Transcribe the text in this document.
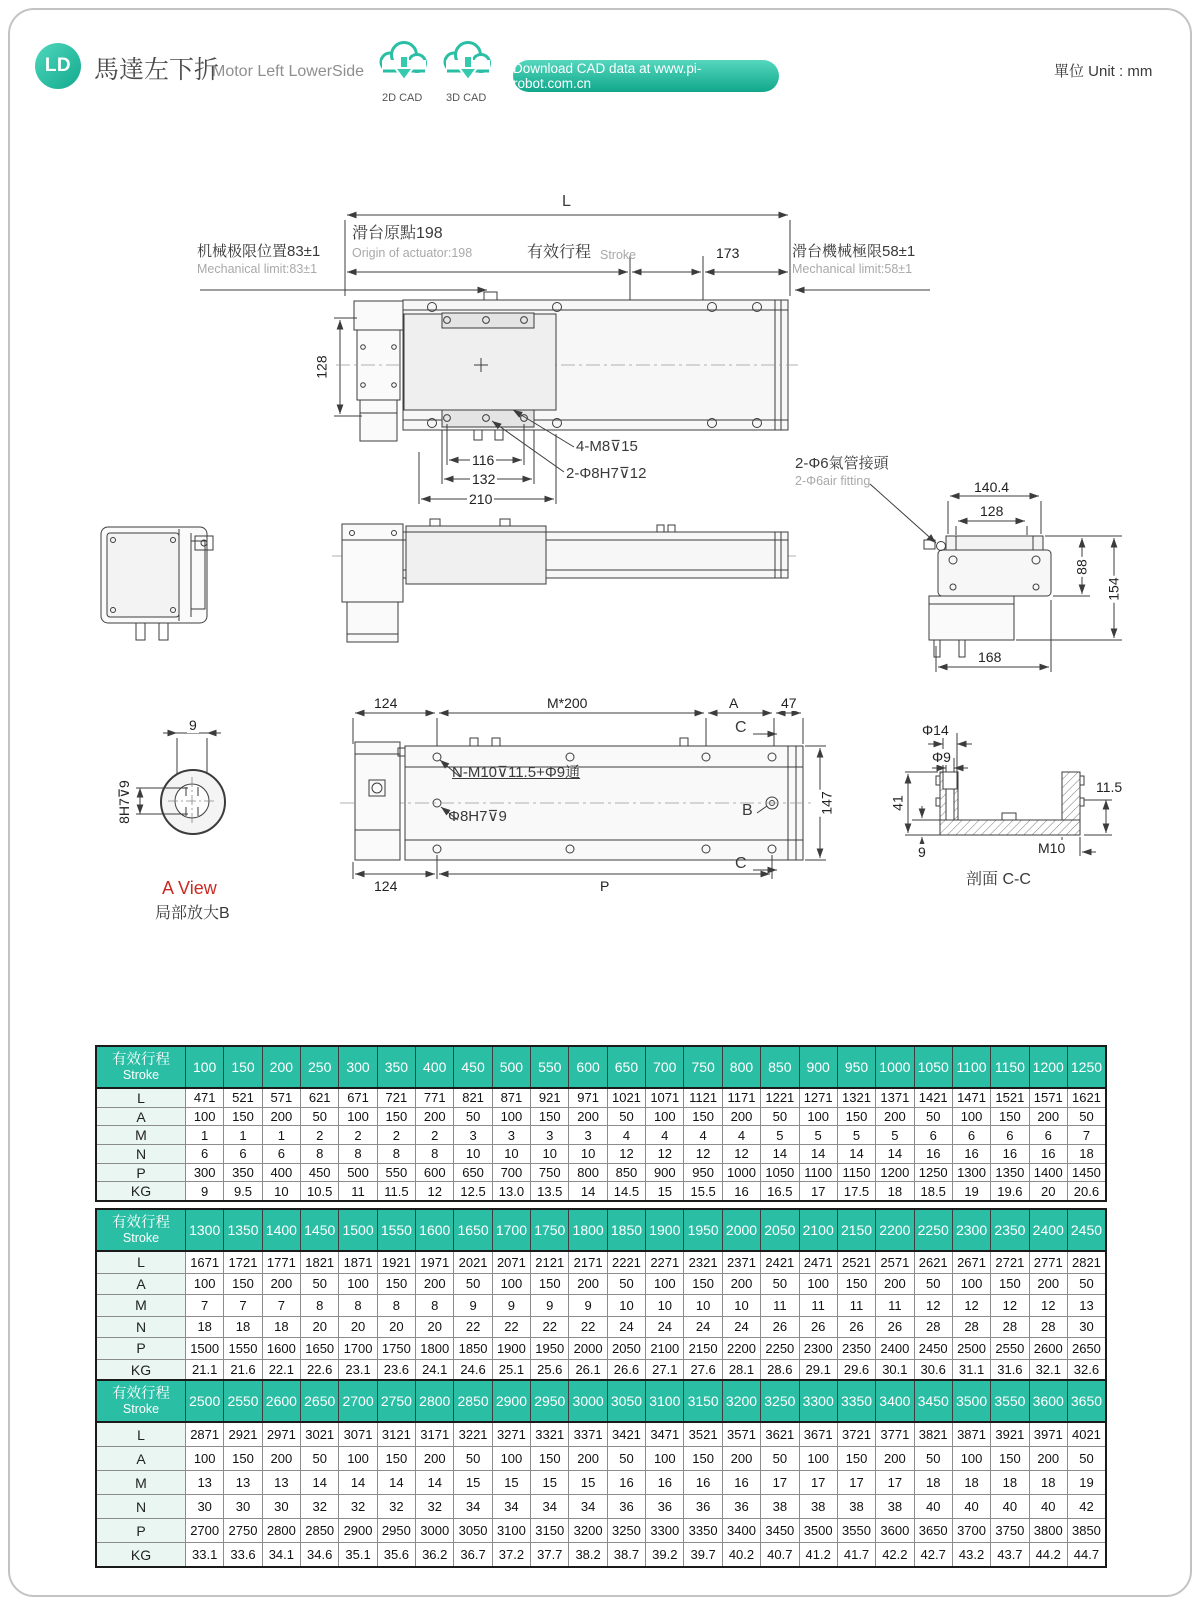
LD 馬達左下折
Motor Left LowerSide
2D CAD 3D CAD
Download CAD data at www.pi-robot.com.cn
單位 Unit : mm
L
机械极限位置83±1
Mechanical limit:83±1
滑台原點198
Origin of actuator:198	有效行程 Stroke	173	滑台機械極限58±1
Mechanical limit:58±1
128
116
132
210
4-M8⊽15
2-Φ8H7⊽12
2-Φ6氣管接頭
2-Φ6air fitting	140.4
128
88
154
168
124	M*200	A	47
C
C
N-M10⊽11.5+Φ9通
Φ8H7⊽9	B	147
124	P
9
8H7⊽9
A View
局部放大B
Φ14
Φ9
41
9	M10
11.5
剖面 C-C
有效行程
Stroke	100	150	200	250	300	350	400	450	500	550	600	650	700	750	800	850	900	950	1000	1050	1100	1150	1200	1250
L	471	521	571	621	671	721	771	821	871	921	971	1021	1071	1121	1171	1221	1271	1321	1371	1421	1471	1521	1571	1621
A	100	150	200	50	100	150	200	50	100	150	200	50	100	150	200	50	100	150	200	50	100	150	200	50
M	1	1	1	2	2	2	2	3	3	3	3	4	4	4	4	5	5	5	5	6	6	6	6	7
N	6	6	6	8	8	8	8	10	10	10	10	12	12	12	12	14	14	14	14	16	16	16	16	18
P	300	350	400	450	500	550	600	650	700	750	800	850	900	950	1000	1050	1100	1150	1200	1250	1300	1350	1400	1450
KG	9	9.5	10	10.5	11	11.5	12	12.5	13.0	13.5	14	14.5	15	15.5	16	16.5	17	17.5	18	18.5	19	19.6	20	20.6
有效行程
Stroke	1300	1350	1400	1450	1500	1550	1600	1650	1700	1750	1800	1850	1900	1950	2000	2050	2100	2150	2200	2250	2300	2350	2400	2450
L	1671	1721	1771	1821	1871	1921	1971	2021	2071	2121	2171	2221	2271	2321	2371	2421	2471	2521	2571	2621	2671	2721	2771	2821
A	100	150	200	50	100	150	200	50	100	150	200	50	100	150	200	50	100	150	200	50	100	150	200	50
M	7	7	7	8	8	8	8	9	9	9	9	10	10	10	10	11	11	11	11	12	12	12	12	13
N	18	18	18	20	20	20	20	22	22	22	22	24	24	24	24	26	26	26	26	28	28	28	28	30
P	1500	1550	1600	1650	1700	1750	1800	1850	1900	1950	2000	2050	2100	2150	2200	2250	2300	2350	2400	2450	2500	2550	2600	2650
KG	21.1	21.6	22.1	22.6	23.1	23.6	24.1	24.6	25.1	25.6	26.1	26.6	27.1	27.6	28.1	28.6	29.1	29.6	30.1	30.6	31.1	31.6	32.1	32.6
有效行程
Stroke	2500	2550	2600	2650	2700	2750	2800	2850	2900	2950	3000	3050	3100	3150	3200	3250	3300	3350	3400	3450	3500	3550	3600	3650
L	2871	2921	2971	3021	3071	3121	3171	3221	3271	3321	3371	3421	3471	3521	3571	3621	3671	3721	3771	3821	3871	3921	3971	4021
A	100	150	200	50	100	150	200	50	100	150	200	50	100	150	200	50	100	150	200	50	100	150	200	50
M	13	13	13	14	14	14	14	15	15	15	15	16	16	16	16	17	17	17	17	18	18	18	18	19
N	30	30	30	32	32	32	32	34	34	34	34	36	36	36	36	38	38	38	38	40	40	40	40	42
P	2700	2750	2800	2850	2900	2950	3000	3050	3100	3150	3200	3250	3300	3350	3400	3450	3500	3550	3600	3650	3700	3750	3800	3850
KG	33.1	33.6	34.1	34.6	35.1	35.6	36.2	36.7	37.2	37.7	38.2	38.7	39.2	39.7	40.2	40.7	41.2	41.7	42.2	42.7	43.2	43.7	44.2	44.7
